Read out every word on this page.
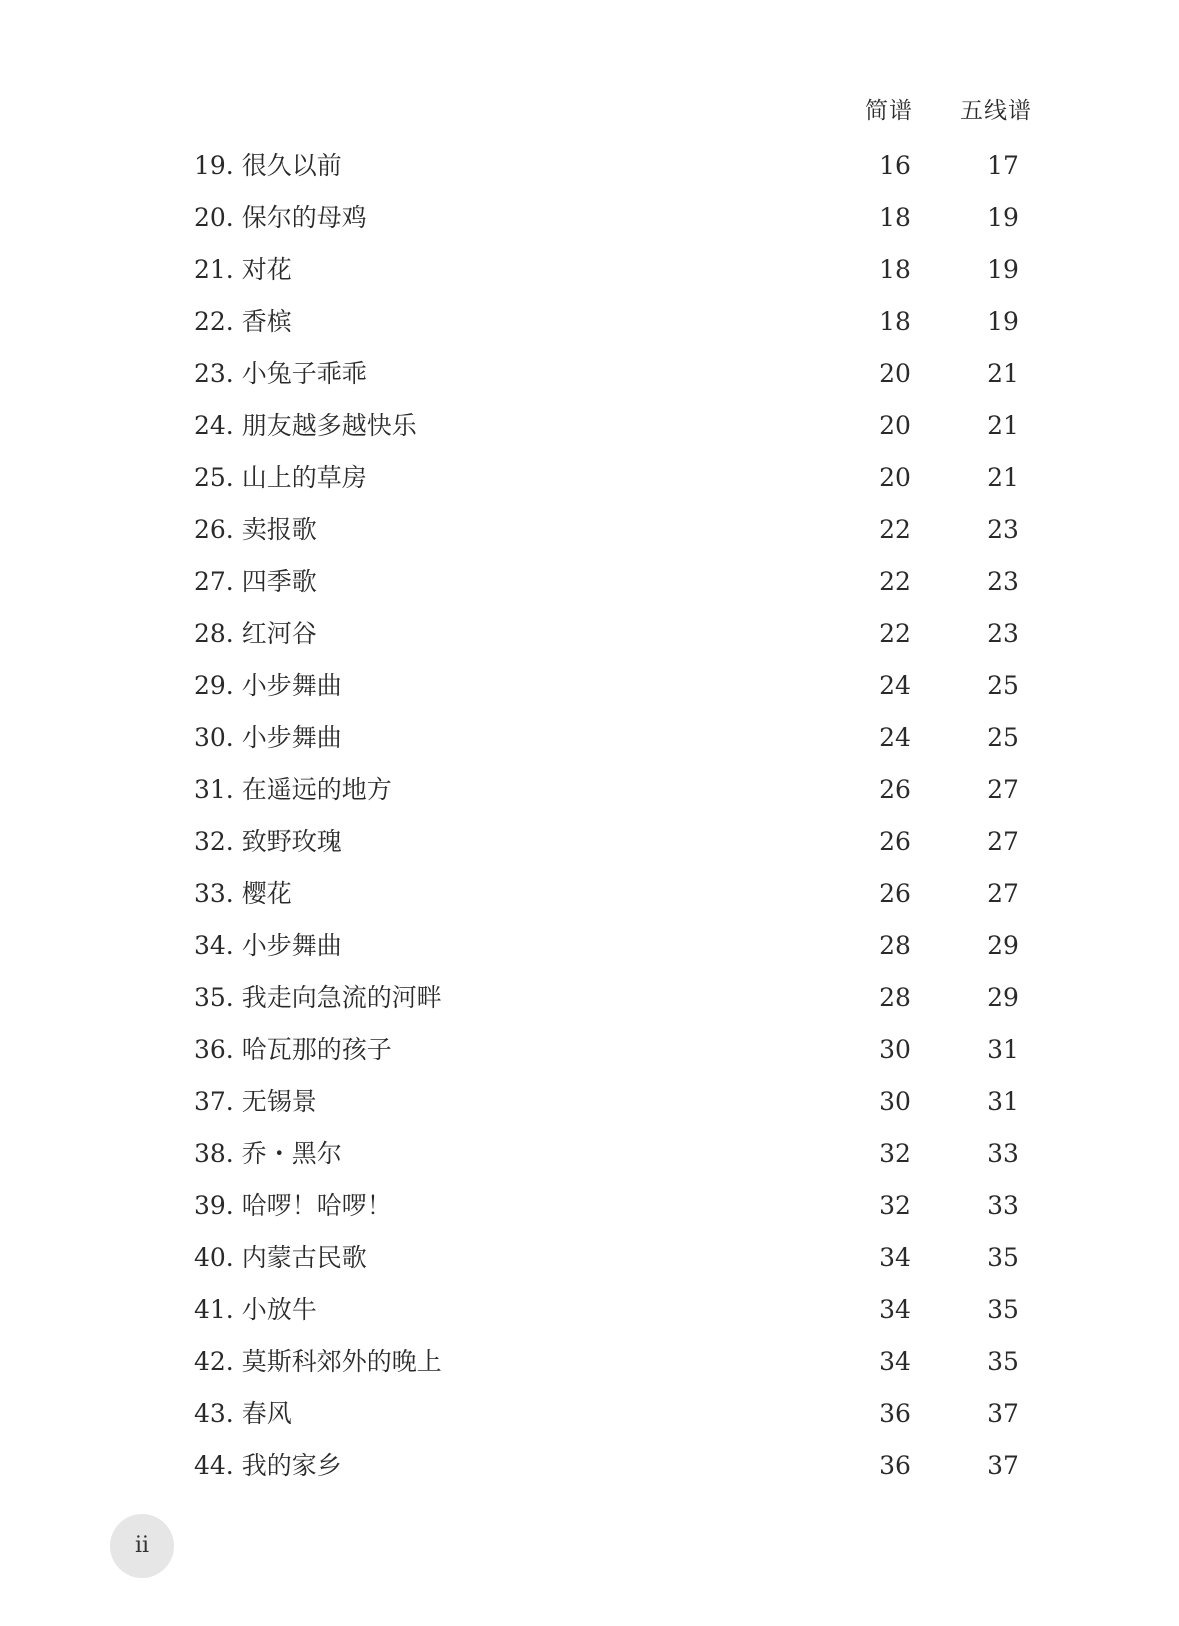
简谱 五线谱
19. 很久以前	16	17
20. 保尔的母鸡	18	19
21. 对花	18	19
22. 香槟	18	19
23. 小兔子乖乖	20	21
24. 朋友越多越快乐	20	21
25. 山上的草房	20	21
26. 卖报歌	22	23
27. 四季歌	22	23
28. 红河谷	22	23
29. 小步舞曲	24	25
30. 小步舞曲	24	25
31. 在遥远的地方	26	27
32. 致野玫瑰	26	27
33. 樱花	26	27
34. 小步舞曲	28	29
35. 我走向急流的河畔	28	29
36. 哈瓦那的孩子	30	31
37. 无锡景	30	31
38. 乔・黑尔	32	33
39. 哈啰！哈啰！	32	33
40. 内蒙古民歌	34	35
41. 小放牛	34	35
42. 莫斯科郊外的晚上	34	35
43. 春风	36	37
44. 我的家乡	36	37
ii
